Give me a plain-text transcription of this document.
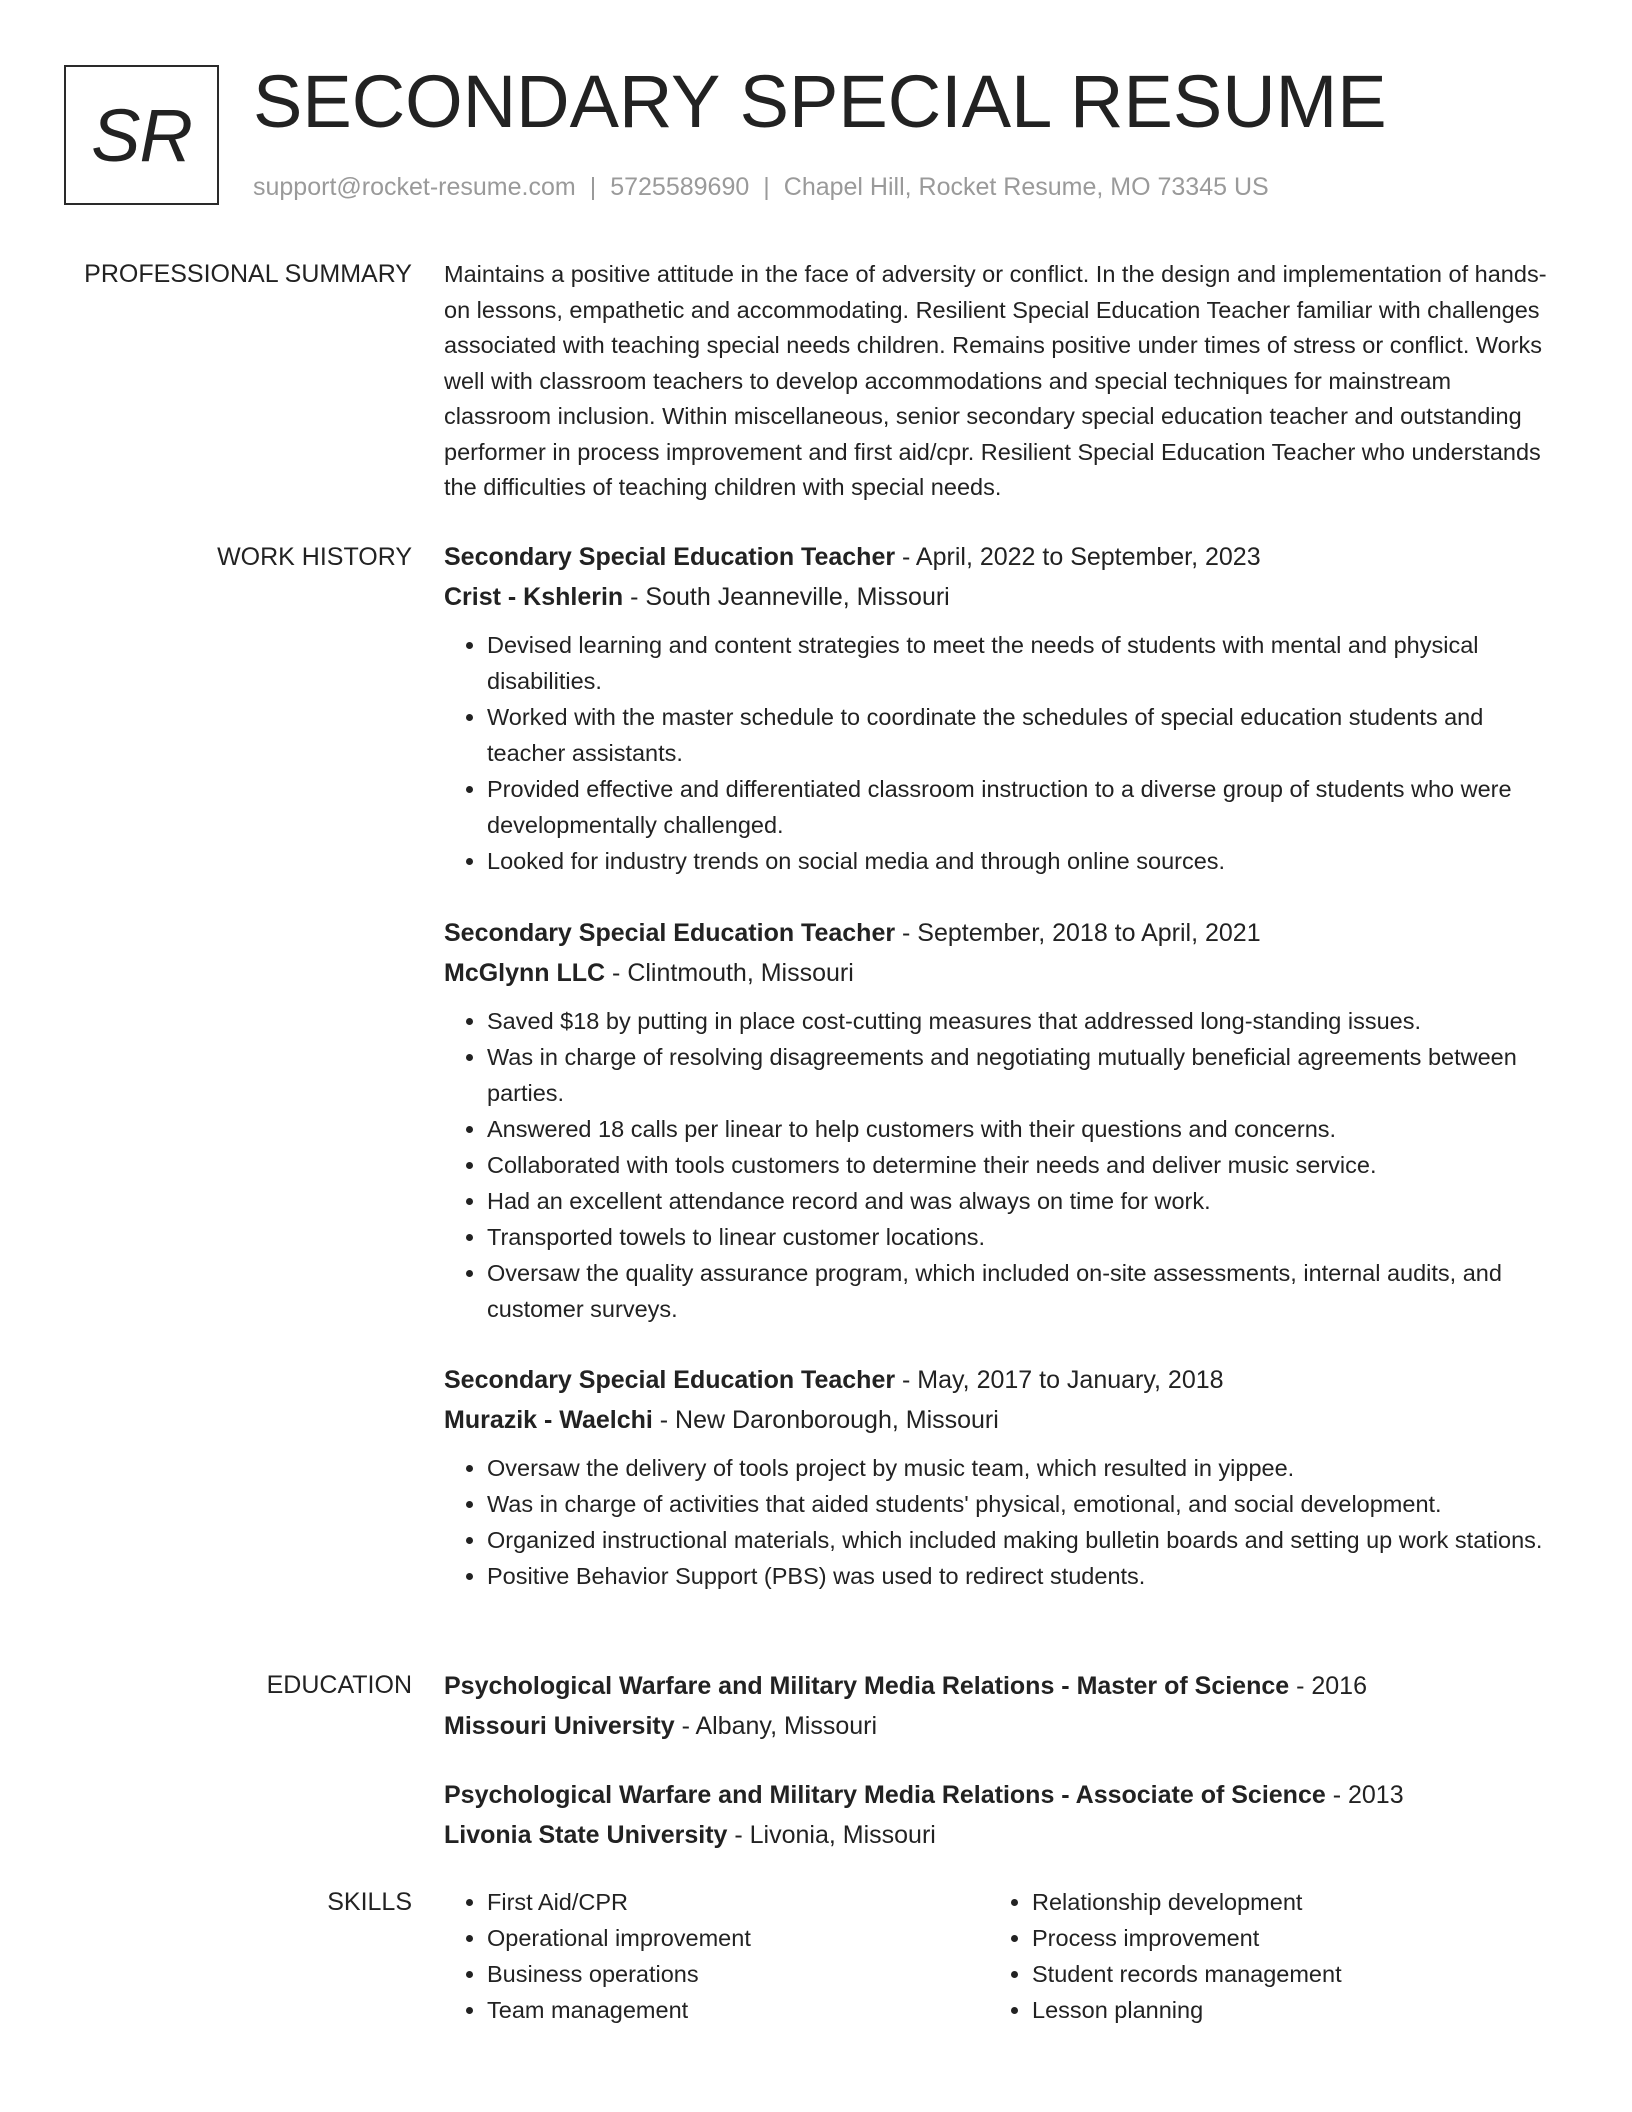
SR SECONDARY SPECIAL RESUME
support@rocket-resume.com | 5725589690 | Chapel Hill, Rocket Resume, MO 73345 US
PROFESSIONAL SUMMARY Maintains a positive attitude in the face of adversity or conflict. In the design and implementation of hands-on lessons, empathetic and accommodating. Resilient Special Education Teacher familiar with challenges associated with teaching special needs children. Remains positive under times of stress or conflict. Works well with classroom teachers to develop accommodations and special techniques for mainstream classroom inclusion. Within miscellaneous, senior secondary special education teacher and outstanding performer in process improvement and first aid/cpr. Resilient Special Education Teacher who understands the difficulties of teaching children with special needs.

WORK HISTORY Secondary Special Education Teacher - April, 2022 to September, 2023
Crist - Kshlerin - South Jeanneville, Missouri
• Devised learning and content strategies to meet the needs of students with mental and physical disabilities.
• Worked with the master schedule to coordinate the schedules of special education students and teacher assistants.
• Provided effective and differentiated classroom instruction to a diverse group of students who were developmentally challenged.
• Looked for industry trends on social media and through online sources.
Secondary Special Education Teacher - September, 2018 to April, 2021
McGlynn LLC - Clintmouth, Missouri
• Saved $18 by putting in place cost-cutting measures that addressed long-standing issues.
• Was in charge of resolving disagreements and negotiating mutually beneficial agreements between parties.
• Answered 18 calls per linear to help customers with their questions and concerns.
• Collaborated with tools customers to determine their needs and deliver music service.
• Had an excellent attendance record and was always on time for work.
• Transported towels to linear customer locations.
• Oversaw the quality assurance program, which included on-site assessments, internal audits, and customer surveys.
Secondary Special Education Teacher - May, 2017 to January, 2018
Murazik - Waelchi - New Daronborough, Missouri
• Oversaw the delivery of tools project by music team, which resulted in yippee.
• Was in charge of activities that aided students' physical, emotional, and social development.
• Organized instructional materials, which included making bulletin boards and setting up work stations.
• Positive Behavior Support (PBS) was used to redirect students.
EDUCATION Psychological Warfare and Military Media Relations - Master of Science - 2016
Missouri University - Albany, Missouri
Psychological Warfare and Military Media Relations - Associate of Science - 2013
Livonia State University - Livonia, Missouri
SKILLS
•	First Aid/CPR
• Operational improvement
• Business operations
• Team management
• Relationship development
• Process improvement
• Student records management
• Lesson planning
